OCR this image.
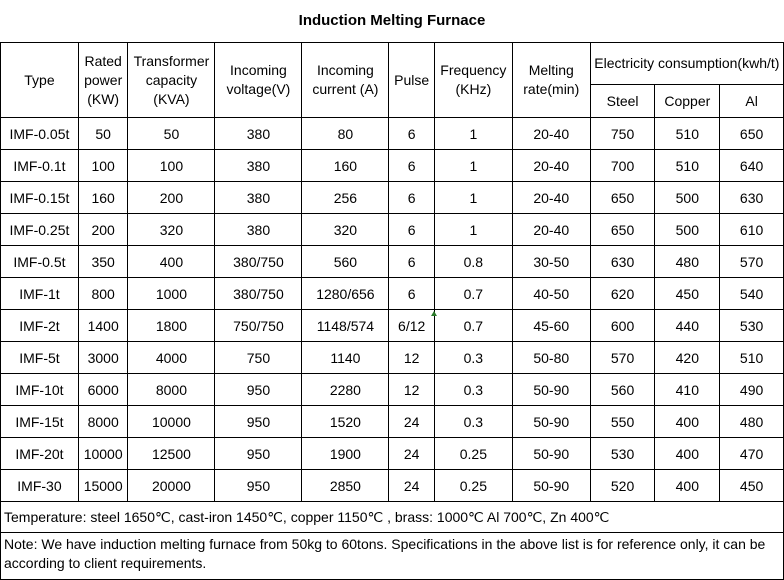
Induction Melting Furnace
Type	Rated power (KW)	Transformer capacity (KVA)	Incoming voltage(V)	Incoming current (A)	Pulse	Frequency (KHz)	Melting rate(min)	Electricity consumption(kwh/t)		
								Steel	Copper	Al
IMF-0.05t	50	50	380	80	6	1	20-40	750	510	650
IMF-0.1t	100	100	380	160	6	1	20-40	700	510	640
IMF-0.15t	160	200	380	256	6	1	20-40	650	500	630
IMF-0.25t	200	320	380	320	6	1	20-40	650	500	610
IMF-0.5t	350	400	380/750	560	6	0.8	30-50	630	480	570
IMF-1t	800	1000	380/750	1280/656	6	0.7	40-50	620	450	540
IMF-2t	1400	1800	750/750	1148/574	6/12	0.7	45-60	600	440	530
IMF-5t	3000	4000	750	1140	12	0.3	50-80	570	420	510
IMF-10t	6000	8000	950	2280	12	0.3	50-90	560	410	490
IMF-15t	8000	10000	950	1520	24	0.3	50-90	550	400	480
IMF-20t	10000	12500	950	1900	24	0.25	50-90	530	400	470
IMF-30	15000	20000	950	2850	24	0.25	50-90	520	400	450
Temperature: steel 1650℃, cast-iron 1450℃, copper 1150℃ , brass: 1000℃ Al 700℃, Zn 400℃										
Note: We have induction melting furnace from 50kg to 60tons. Specifications in the above list is for reference only, it can be according to client requirements.										
